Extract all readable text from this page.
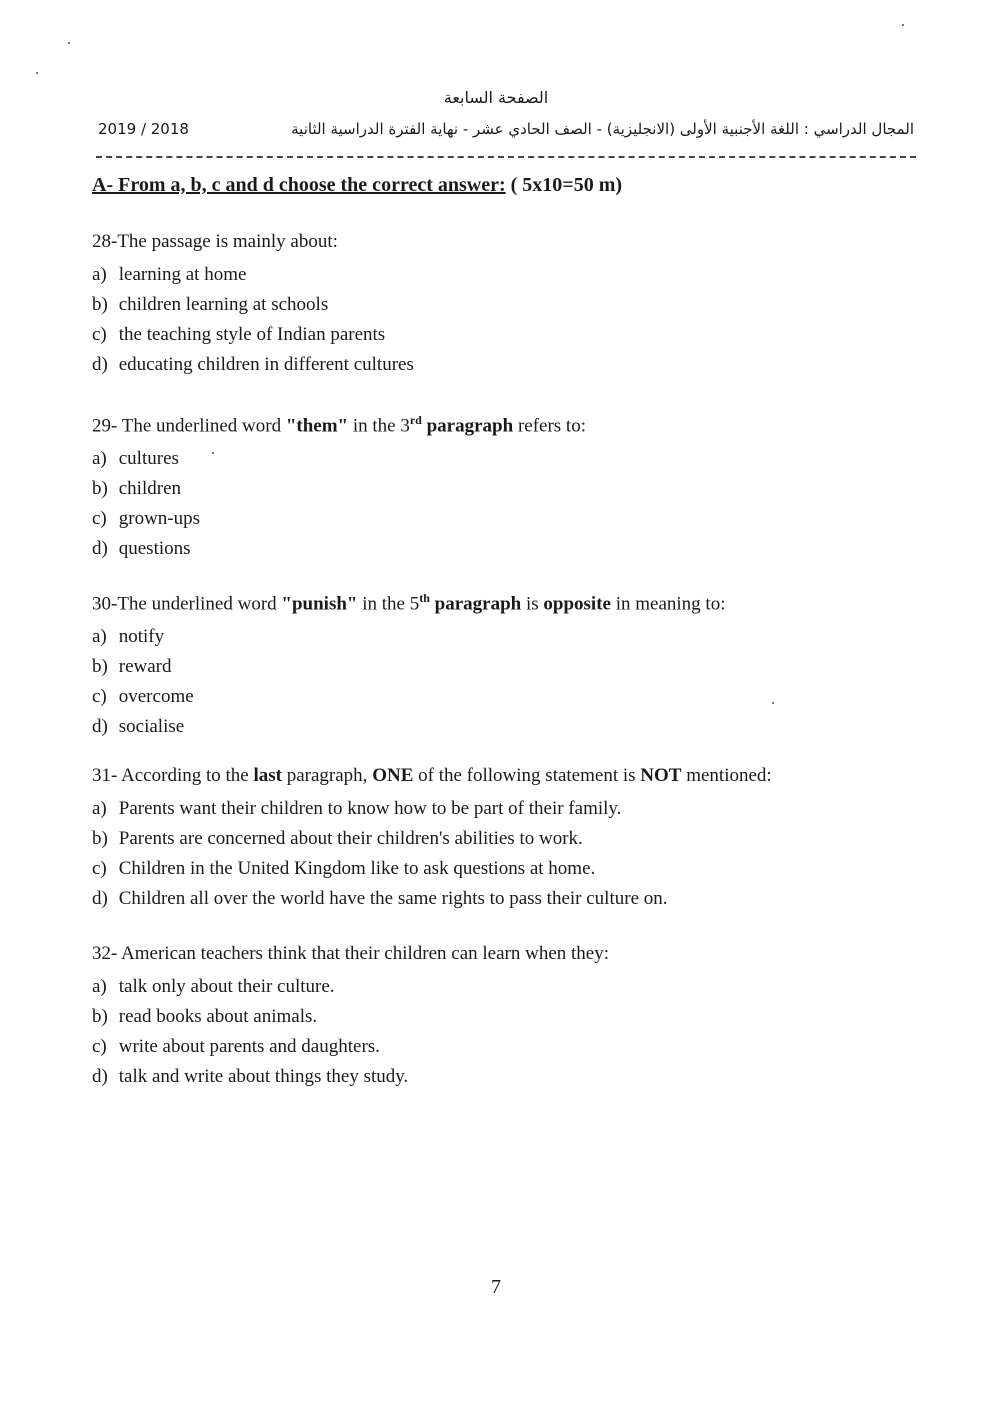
الصفحة السابعة
2019 / 2018	المجال الدراسي : اللغة الأجنبية الأولى (الانجليزية) - الصف الحادي عشر - نهاية الفترة الدراسية الثانية
A- From a, b, c and d choose the correct answer: ( 5x10=50 m)

28-The passage is mainly about:

a) learning at home

b) children learning at schools

c) the teaching style of Indian parents

d) educating children in different cultures

29- The underlined word "them" in the 3rd paragraph refers to:

a) cultures

b) children

c) grown-ups

d) questions

30-The underlined word "punish" in the 5th paragraph is opposite in meaning to:

a) notify

b) reward

c) overcome

d) socialise

31- According to the last paragraph, ONE of the following statement is NOT mentioned:

a) Parents want their children to know how to be part of their family.

b) Parents are concerned about their children's abilities to work.

c) Children in the United Kingdom like to ask questions at home.

d) Children all over the world have the same rights to pass their culture on.

32- American teachers think that their children can learn when they:

a) talk only about their culture.

b) read books about animals.

c) write about parents and daughters.

d) talk and write about things they study.

7
